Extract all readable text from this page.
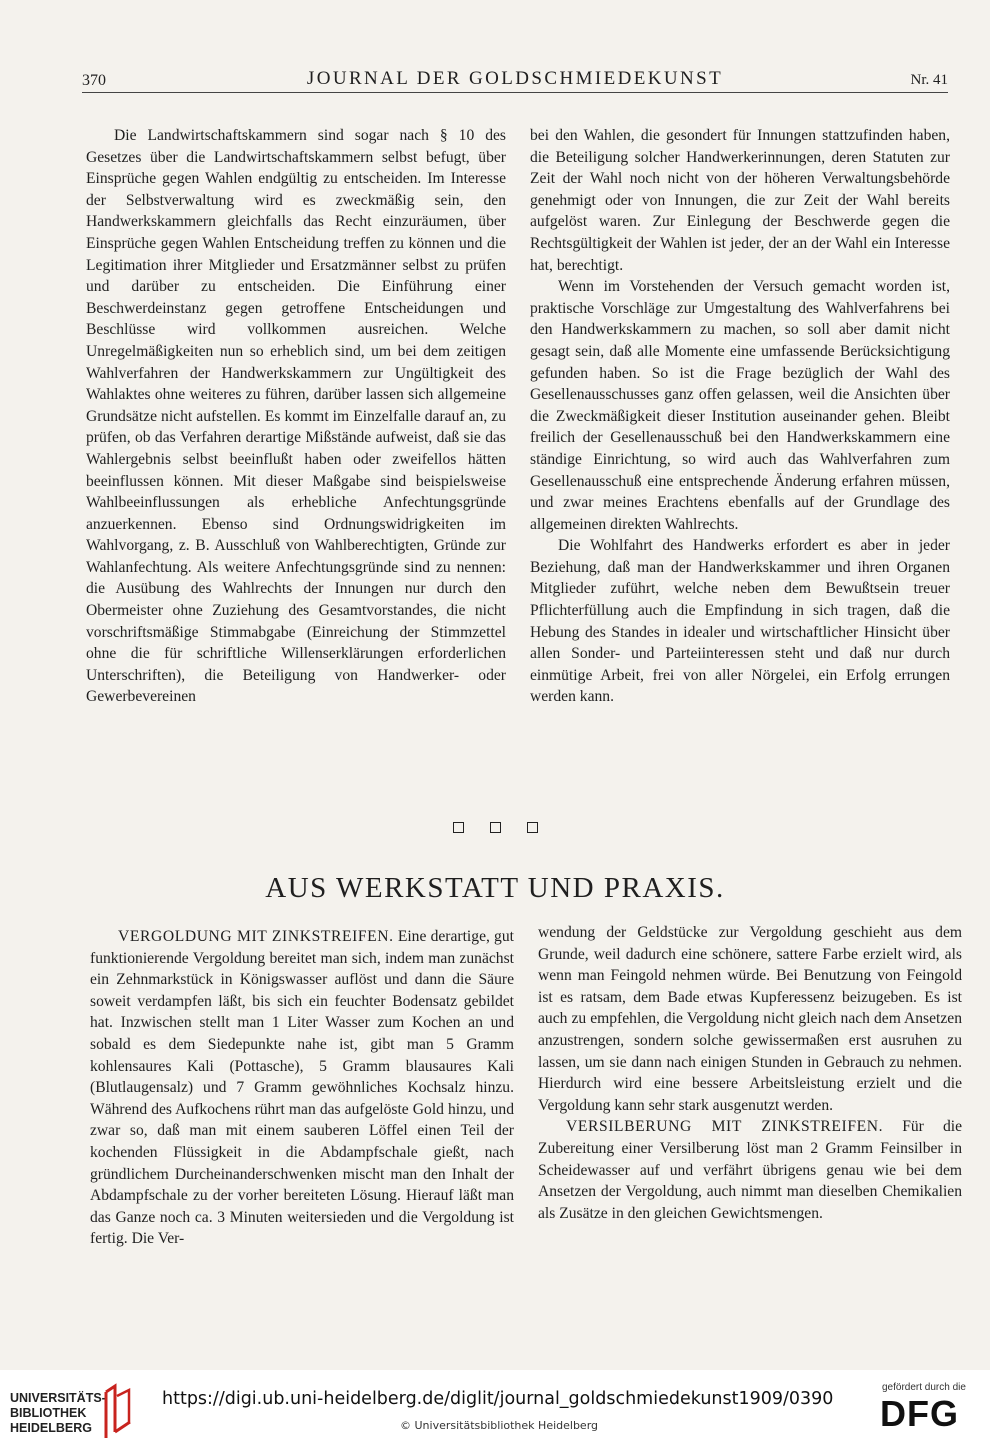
370	JOURNAL DER GOLDSCHMIEDEKUNST	Nr. 41

Die Landwirtschaftskammern sind sogar nach § 10 des Gesetzes über die Landwirtschaftskammern selbst befugt, über Einsprüche gegen Wahlen endgültig zu entscheiden. Im Interesse der Selbstverwaltung wird es zweckmäßig sein, den Handwerkskammern gleichfalls das Recht einzuräumen, über Einsprüche gegen Wahlen Entscheidung treffen zu können und die Legitimation ihrer Mitglieder und Ersatzmänner selbst zu prüfen und darüber zu entscheiden. Die Einführung einer Beschwerdeinstanz gegen getroffene Entscheidungen und Beschlüsse wird vollkommen ausreichen. Welche Unregelmäßigkeiten nun so erheblich sind, um bei dem zeitigen Wahlverfahren der Handwerkskammern zur Ungültigkeit des Wahlaktes ohne weiteres zu führen, darüber lassen sich allgemeine Grundsätze nicht aufstellen. Es kommt im Einzelfalle darauf an, zu prüfen, ob das Verfahren derartige Mißstände aufweist, daß sie das Wahlergebnis selbst beeinflußt haben oder zweifellos hätten beeinflussen können. Mit dieser Maßgabe sind beispielsweise Wahlbeeinflussungen als erhebliche Anfechtungsgründe anzuerkennen. Ebenso sind Ordnungswidrigkeiten im Wahlvorgang, z. B. Ausschluß von Wahlberechtigten, Gründe zur Wahlanfechtung. Als weitere Anfechtungsgründe sind zu nennen: die Ausübung des Wahlrechts der Innungen nur durch den Obermeister ohne Zuziehung des Gesamtvorstandes, die nicht vorschriftsmäßige Stimmabgabe (Einreichung der Stimmzettel ohne die für schriftliche Willenserklärungen erforderlichen Unterschriften), die Beteiligung von Handwerker- oder Gewerbevereinen

bei den Wahlen, die gesondert für Innungen stattzufinden haben, die Beteiligung solcher Handwerkerinnungen, deren Statuten zur Zeit der Wahl noch nicht von der höheren Verwaltungsbehörde genehmigt oder von Innungen, die zur Zeit der Wahl bereits aufgelöst waren. Zur Einlegung der Beschwerde gegen die Rechtsgültigkeit der Wahlen ist jeder, der an der Wahl ein Interesse hat, berechtigt.

Wenn im Vorstehenden der Versuch gemacht worden ist, praktische Vorschläge zur Umgestaltung des Wahlverfahrens bei den Handwerkskammern zu machen, so soll aber damit nicht gesagt sein, daß alle Momente eine umfassende Berücksichtigung gefunden haben. So ist die Frage bezüglich der Wahl des Gesellenausschusses ganz offen gelassen, weil die Ansichten über die Zweckmäßigkeit dieser Institution auseinander gehen. Bleibt freilich der Gesellenausschuß bei den Handwerkskammern eine ständige Einrichtung, so wird auch das Wahlverfahren zum Gesellenausschuß eine entsprechende Änderung erfahren müssen, und zwar meines Erachtens ebenfalls auf der Grundlage des allgemeinen direkten Wahlrechts.

Die Wohlfahrt des Handwerks erfordert es aber in jeder Beziehung, daß man der Handwerkskammer und ihren Organen Mitglieder zuführt, welche neben dem Bewußtsein treuer Pflichterfüllung auch die Empfindung in sich tragen, daß die Hebung des Standes in idealer und wirtschaftlicher Hinsicht über allen Sonder- und Parteiinteressen steht und daß nur durch einmütige Arbeit, frei von aller Nörgelei, ein Erfolg errungen werden kann.

AUS WERKSTATT UND PRAXIS.

VERGOLDUNG MIT ZINKSTREIFEN. Eine derartige, gut funktionierende Vergoldung bereitet man sich, indem man zunächst ein Zehnmarkstück in Königswasser auflöst und dann die Säure soweit verdampfen läßt, bis sich ein feuchter Bodensatz gebildet hat. Inzwischen stellt man 1 Liter Wasser zum Kochen an und sobald es dem Siedepunkte nahe ist, gibt man 5 Gramm kohlensaures Kali (Pottasche), 5 Gramm blausaures Kali (Blutlaugensalz) und 7 Gramm gewöhnliches Kochsalz hinzu. Während des Aufkochens rührt man das aufgelöste Gold hinzu, und zwar so, daß man mit einem sauberen Löffel einen Teil der kochenden Flüssigkeit in die Abdampfschale gießt, nach gründlichem Durcheinanderschwenken mischt man den Inhalt der Abdampfschale zu der vorher bereiteten Lösung. Hierauf läßt man das Ganze noch ca. 3 Minuten weitersieden und die Vergoldung ist fertig. Die Ver-

wendung der Geldstücke zur Vergoldung geschieht aus dem Grunde, weil dadurch eine schönere, sattere Farbe erzielt wird, als wenn man Feingold nehmen würde. Bei Benutzung von Feingold ist es ratsam, dem Bade etwas Kupferessenz beizugeben. Es ist auch zu empfehlen, die Vergoldung nicht gleich nach dem Ansetzen anzustrengen, sondern solche gewissermaßen erst ausruhen zu lassen, um sie dann nach einigen Stunden in Gebrauch zu nehmen. Hierdurch wird eine bessere Arbeitsleistung erzielt und die Vergoldung kann sehr stark ausgenutzt werden.

VERSILBERUNG MIT ZINKSTREIFEN. Für die Zubereitung einer Versilberung löst man 2 Gramm Feinsilber in Scheidewasser auf und verfährt übrigens genau wie bei dem Ansetzen der Vergoldung, auch nimmt man dieselben Chemikalien als Zusätze in den gleichen Gewichtsmengen.

UNIVERSITÄTS-
BIBLIOTHEK
HEIDELBERG
https://digi.ub.uni-heidelberg.de/diglit/journal_goldschmiedekunst1909/0390
© Universitätsbibliothek Heidelberg
gefördert durch die
DFG
